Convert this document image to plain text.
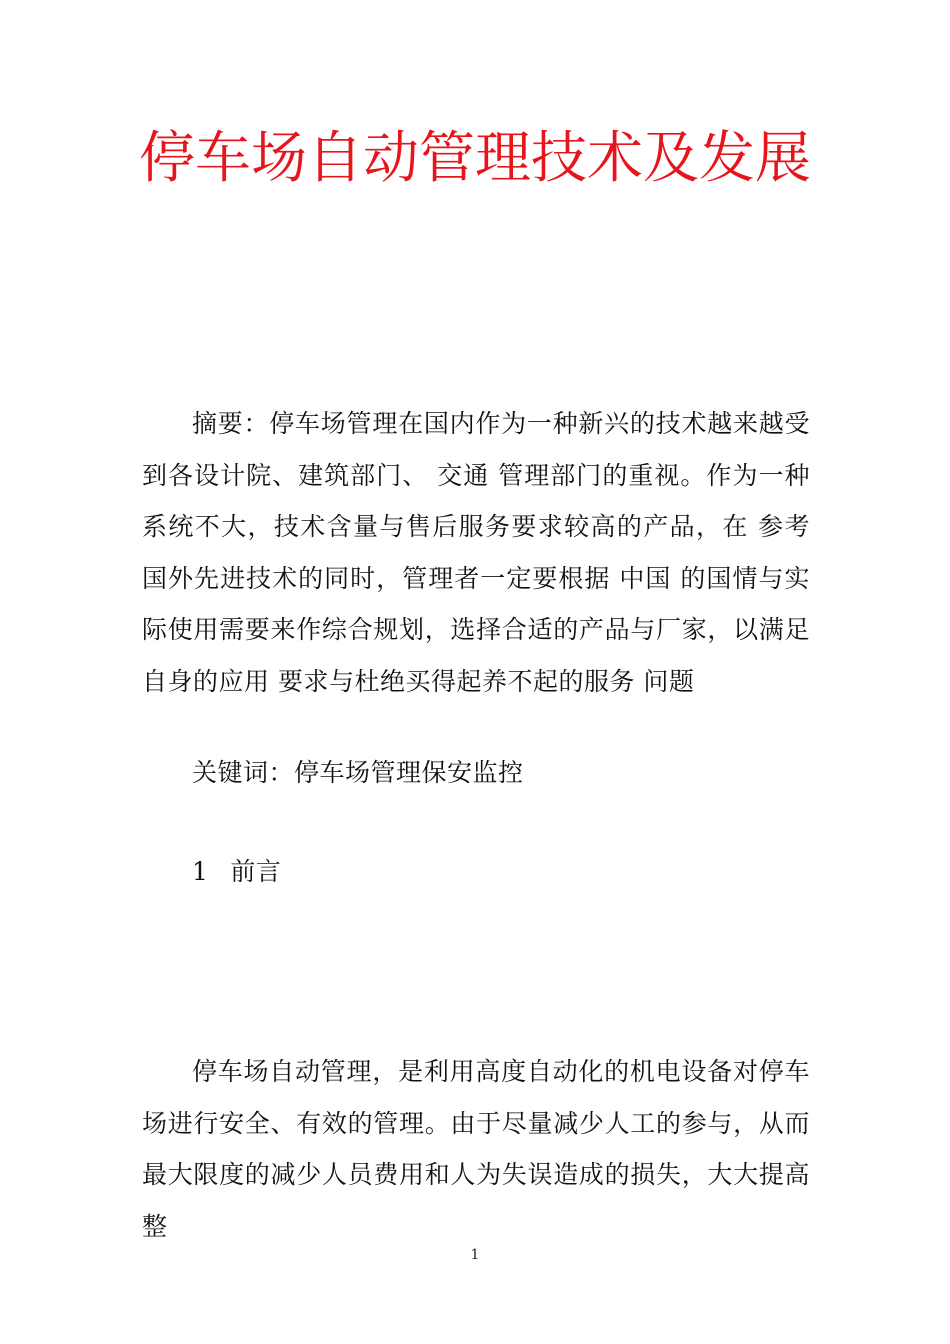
停车场自动管理技术及发展

摘要：停车场管理在国内作为一种新兴的技术越来越受到各设计院、建筑部门、 交通 管理部门的重视。作为一种系统不大，技术含量与售后服务要求较高的产品，在 参考 国外先进技术的同时，管理者一定要根据 中国 的国情与实际使用需要来作综合规划，选择合适的产品与厂家，以满足自身的应用 要求与杜绝买得起养不起的服务 问题

关键词：停车场管理保安监控

1 前言

停车场自动管理，是利用高度自动化的机电设备对停车场进行安全、有效的管理。由于尽量减少人工的参与，从而最大限度的减少人员费用和人为失误造成的损失，大大提高整

1
